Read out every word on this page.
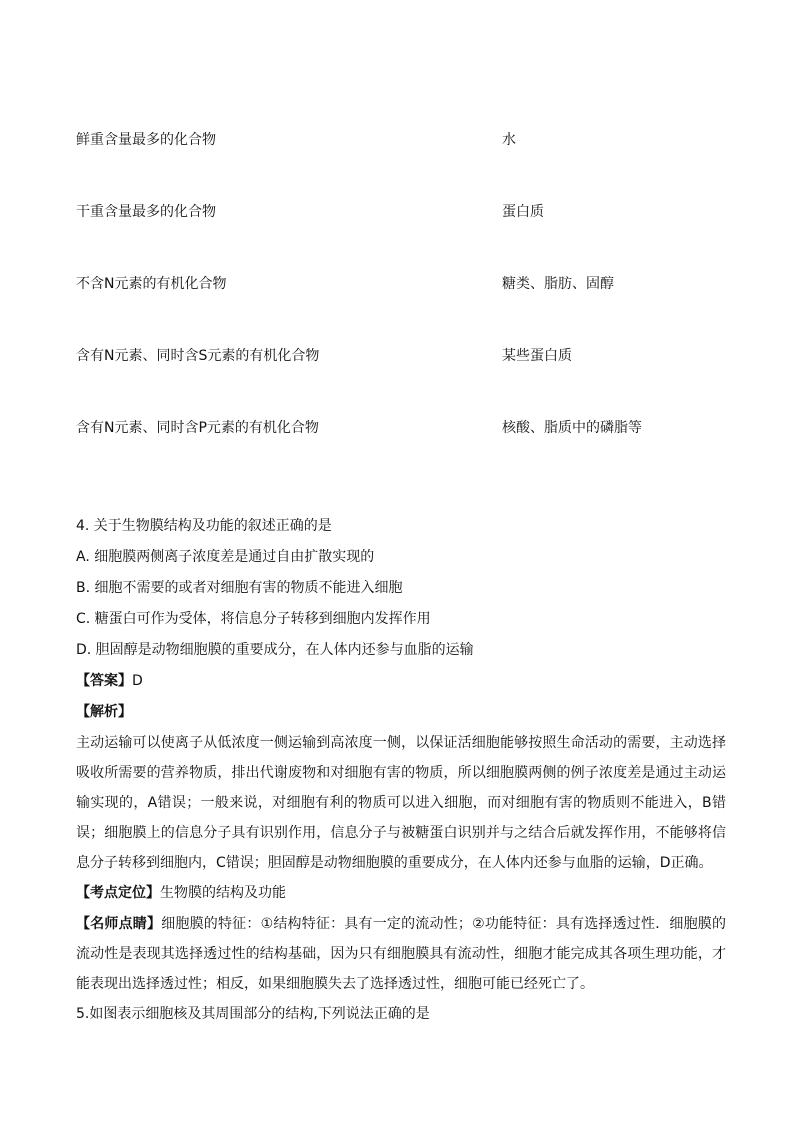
鲜重含量最多的化合物	水
干重含量最多的化合物	蛋白质
不含N元素的有机化合物	糖类、脂肪、固醇
含有N元素、同时含S元素的有机化合物	某些蛋白质
含有N元素、同时含P元素的有机化合物	核酸、脂质中的磷脂等
4. 关于生物膜结构及功能的叙述正确的是
A. 细胞膜两侧离子浓度差是通过自由扩散实现的
B. 细胞不需要的或者对细胞有害的物质不能进入细胞
C. 糖蛋白可作为受体，将信息分子转移到细胞内发挥作用
D. 胆固醇是动物细胞膜的重要成分，在人体内还参与血脂的运输
【答案】D
【解析】
主动运输可以使离子从低浓度一侧运输到高浓度一侧，以保证活细胞能够按照生命活动的需要，主动选择吸收所需要的营养物质，排出代谢废物和对细胞有害的物质，所以细胞膜两侧的例子浓度差是通过主动运输实现的，A错误；一般来说，对细胞有利的物质可以进入细胞，而对细胞有害的物质则不能进入，B错误；细胞膜上的信息分子具有识别作用，信息分子与被糖蛋白识别并与之结合后就发挥作用，不能够将信息分子转移到细胞内，C错误；胆固醇是动物细胞膜的重要成分，在人体内还参与血脂的运输，D正确。
【考点定位】生物膜的结构及功能
【名师点睛】细胞膜的特征：①结构特征：具有一定的流动性；②功能特征：具有选择透过性．细胞膜的流动性是表现其选择透过性的结构基础，因为只有细胞膜具有流动性，细胞才能完成其各项生理功能，才能表现出选择透过性；相反，如果细胞膜失去了选择透过性，细胞可能已经死亡了。
5.如图表示细胞核及其周围部分的结构,下列说法正确的是
